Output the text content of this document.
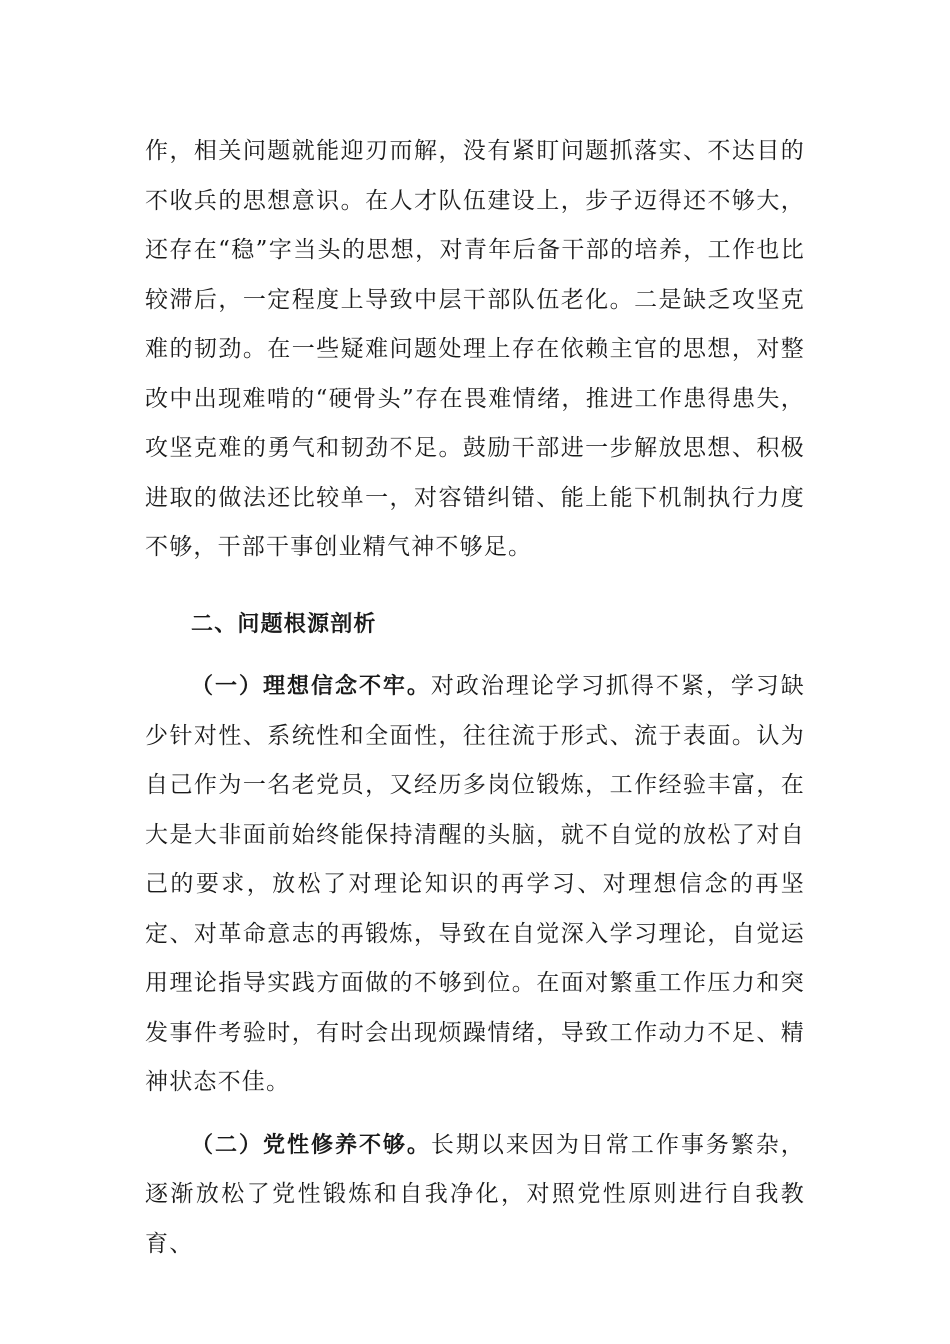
作，相关问题就能迎刃而解，没有紧盯问题抓落实、不达目的不收兵的思想意识。在人才队伍建设上，步子迈得还不够大，还存在“稳”字当头的思想，对青年后备干部的培养，工作也比较滞后，一定程度上导致中层干部队伍老化。二是缺乏攻坚克难的韧劲。在一些疑难问题处理上存在依赖主官的思想，对整改中出现难啃的“硬骨头”存在畏难情绪，推进工作患得患失，攻坚克难的勇气和韧劲不足。鼓励干部进一步解放思想、积极进取的做法还比较单一，对容错纠错、能上能下机制执行力度不够，干部干事创业精气神不够足。

二、问题根源剖析

（一）理想信念不牢。对政治理论学习抓得不紧，学习缺少针对性、系统性和全面性，往往流于形式、流于表面。认为自己作为一名老党员，又经历多岗位锻炼，工作经验丰富，在大是大非面前始终能保持清醒的头脑，就不自觉的放松了对自己的要求，放松了对理论知识的再学习、对理想信念的再坚定、对革命意志的再锻炼，导致在自觉深入学习理论，自觉运用理论指导实践方面做的不够到位。在面对繁重工作压力和突发事件考验时，有时会出现烦躁情绪，导致工作动力不足、精神状态不佳。

（二）党性修养不够。长期以来因为日常工作事务繁杂，逐渐放松了党性锻炼和自我净化，对照党性原则进行自我教育、
